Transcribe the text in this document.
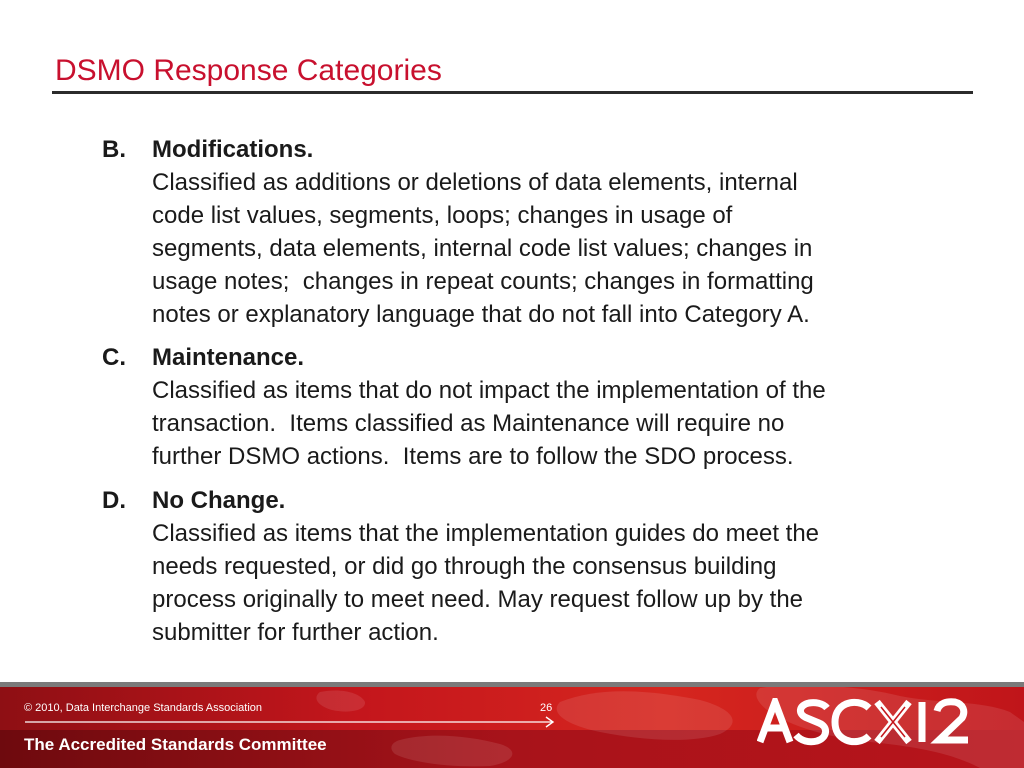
DSMO Response Categories
B. Modifications.
Classified as additions or deletions of data elements, internal
code list values, segments, loops; changes in usage of
segments, data elements, internal code list values; changes in
usage notes;  changes in repeat counts; changes in formatting
notes or explanatory language that do not fall into Category A.
C. Maintenance.
Classified as items that do not impact the implementation of the
transaction.  Items classified as Maintenance will require no
further DSMO actions.  Items are to follow the SDO process.
D. No Change.
Classified as items that the implementation guides do meet the
needs requested, or did go through the consensus building
process originally to meet need. May request follow up by the
submitter for further action.
© 2010, Data Interchange Standards Association	26
The Accredited Standards Committee
